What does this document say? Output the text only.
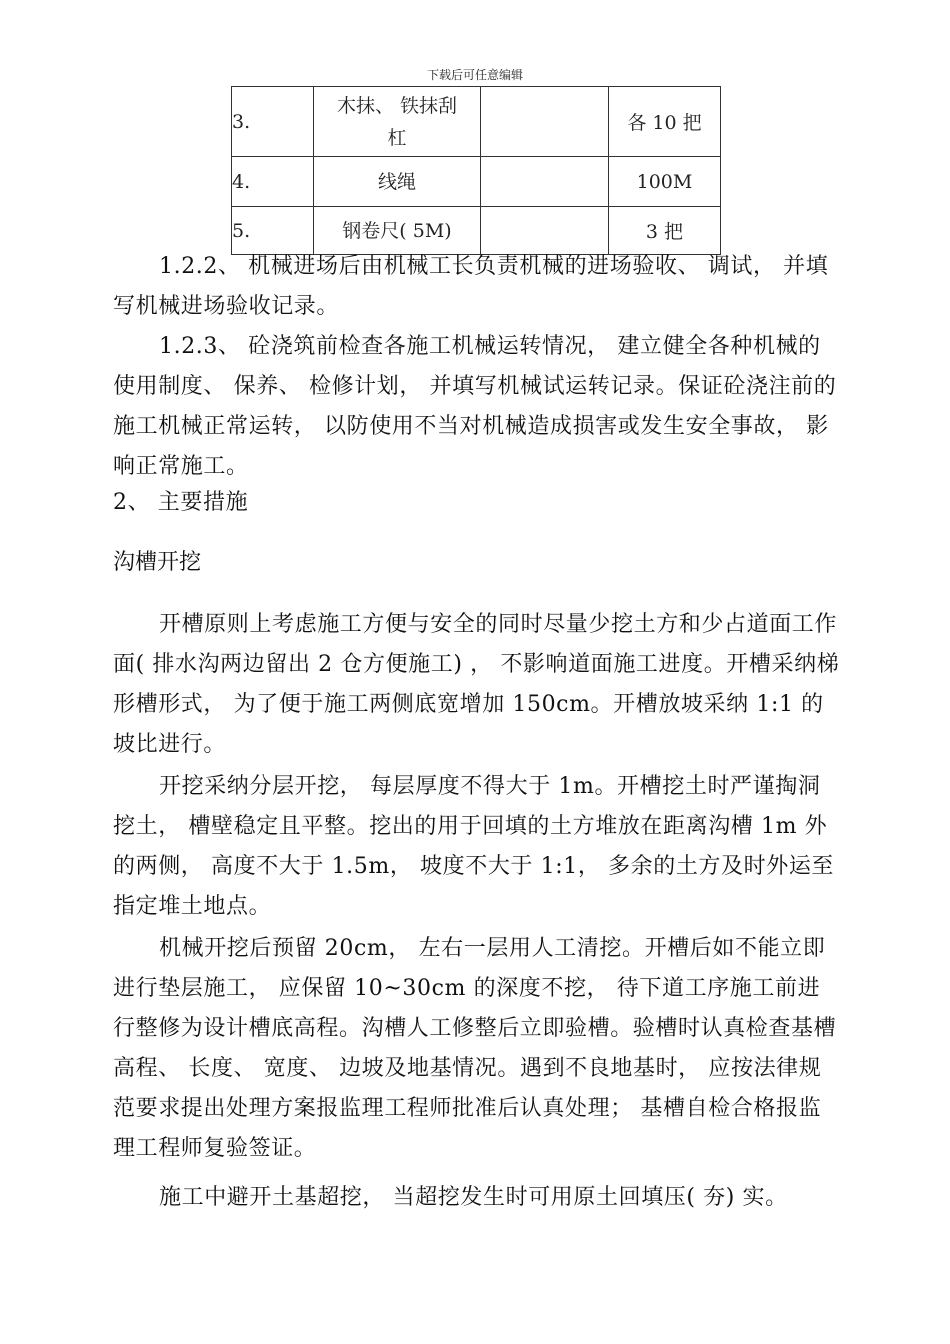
下载后可任意编辑
3.	木抹、 铁抹刮
杠		各 10 把
4.	线绳		100M
5.	钢卷尺( 5M)		3 把

1.2.2、 机械进场后由机械工长负责机械的进场验收、 调试， 并填写机械进场验收记录。

1.2.3、 砼浇筑前检查各施工机械运转情况， 建立健全各种机械的使用制度、 保养、 检修计划， 并填写机械试运转记录。保证砼浇注前的施工机械正常运转， 以防使用不当对机械造成损害或发生安全事故， 影响正常施工。

2、 主要措施

沟槽开挖

开槽原则上考虑施工方便与安全的同时尽量少挖土方和少占道面工作面( 排水沟两边留出 2 仓方便施工) ， 不影响道面施工进度。开槽采纳梯形槽形式， 为了便于施工两侧底宽增加 150cm。开槽放坡采纳 1:1 的坡比进行。

开挖采纳分层开挖， 每层厚度不得大于 1m。开槽挖土时严谨掏洞挖土， 槽壁稳定且平整。挖出的用于回填的土方堆放在距离沟槽 1m 外的两侧， 高度不大于 1.5m， 坡度不大于 1:1， 多余的土方及时外运至指定堆土地点。

机械开挖后预留 20cm， 左右一层用人工清挖。开槽后如不能立即进行垫层施工， 应保留 10~30cm 的深度不挖， 待下道工序施工前进行整修为设计槽底高程。沟槽人工修整后立即验槽。验槽时认真检查基槽高程、 长度、 宽度、 边坡及地基情况。遇到不良地基时， 应按法律规范要求提出处理方案报监理工程师批准后认真处理； 基槽自检合格报监理工程师复验签证。

施工中避开土基超挖， 当超挖发生时可用原土回填压( 夯) 实。
